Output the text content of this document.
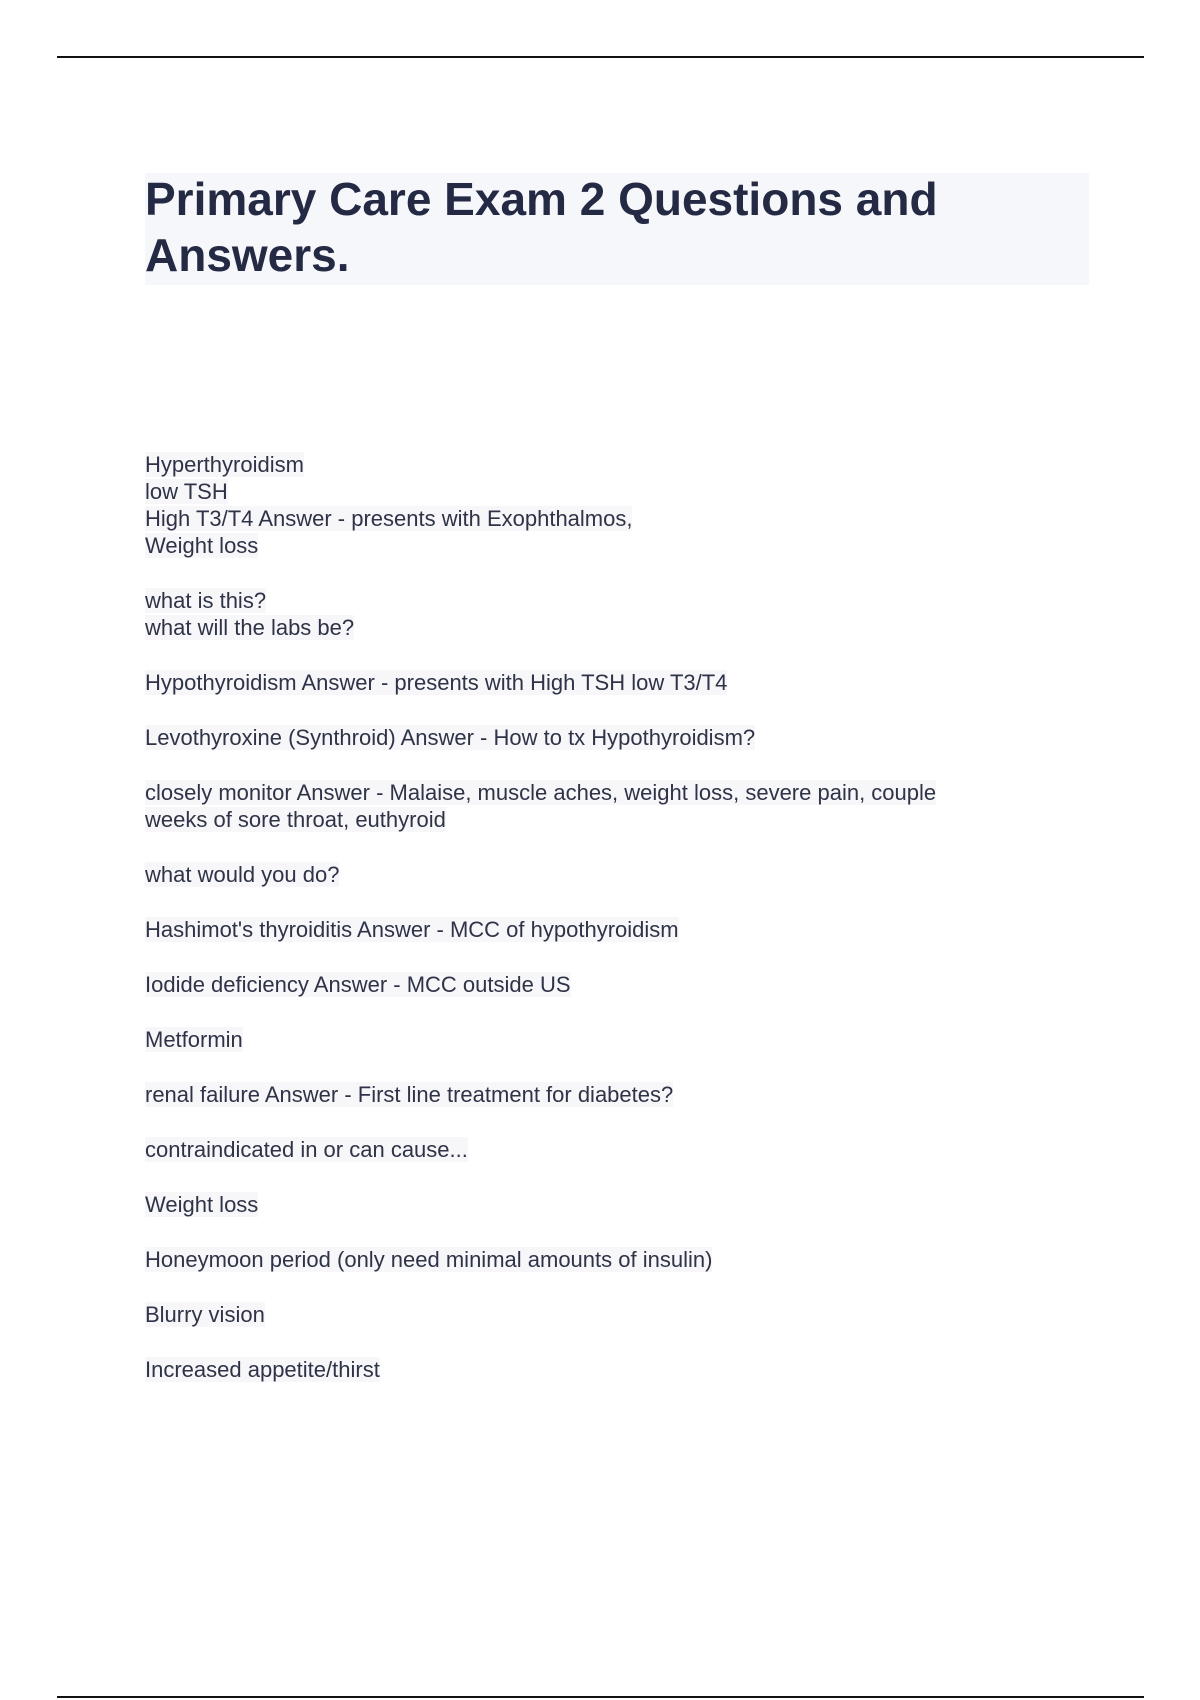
Primary Care Exam 2 Questions and Answers.
Hyperthyroidism
low TSH
High T3/T4 Answer - presents with Exophthalmos,
Weight loss
what is this?
what will the labs be?
Hypothyroidism Answer - presents with High TSH low T3/T4
Levothyroxine (Synthroid) Answer - How to tx Hypothyroidism?
closely monitor Answer - Malaise, muscle aches, weight loss, severe pain, couple
weeks of sore throat, euthyroid
what would you do?
Hashimot's thyroiditis Answer - MCC of hypothyroidism
Iodide deficiency Answer - MCC outside US
Metformin
renal failure Answer - First line treatment for diabetes?
contraindicated in or can cause...
Weight loss
Honeymoon period (only need minimal amounts of insulin)
Blurry vision
Increased appetite/thirst
